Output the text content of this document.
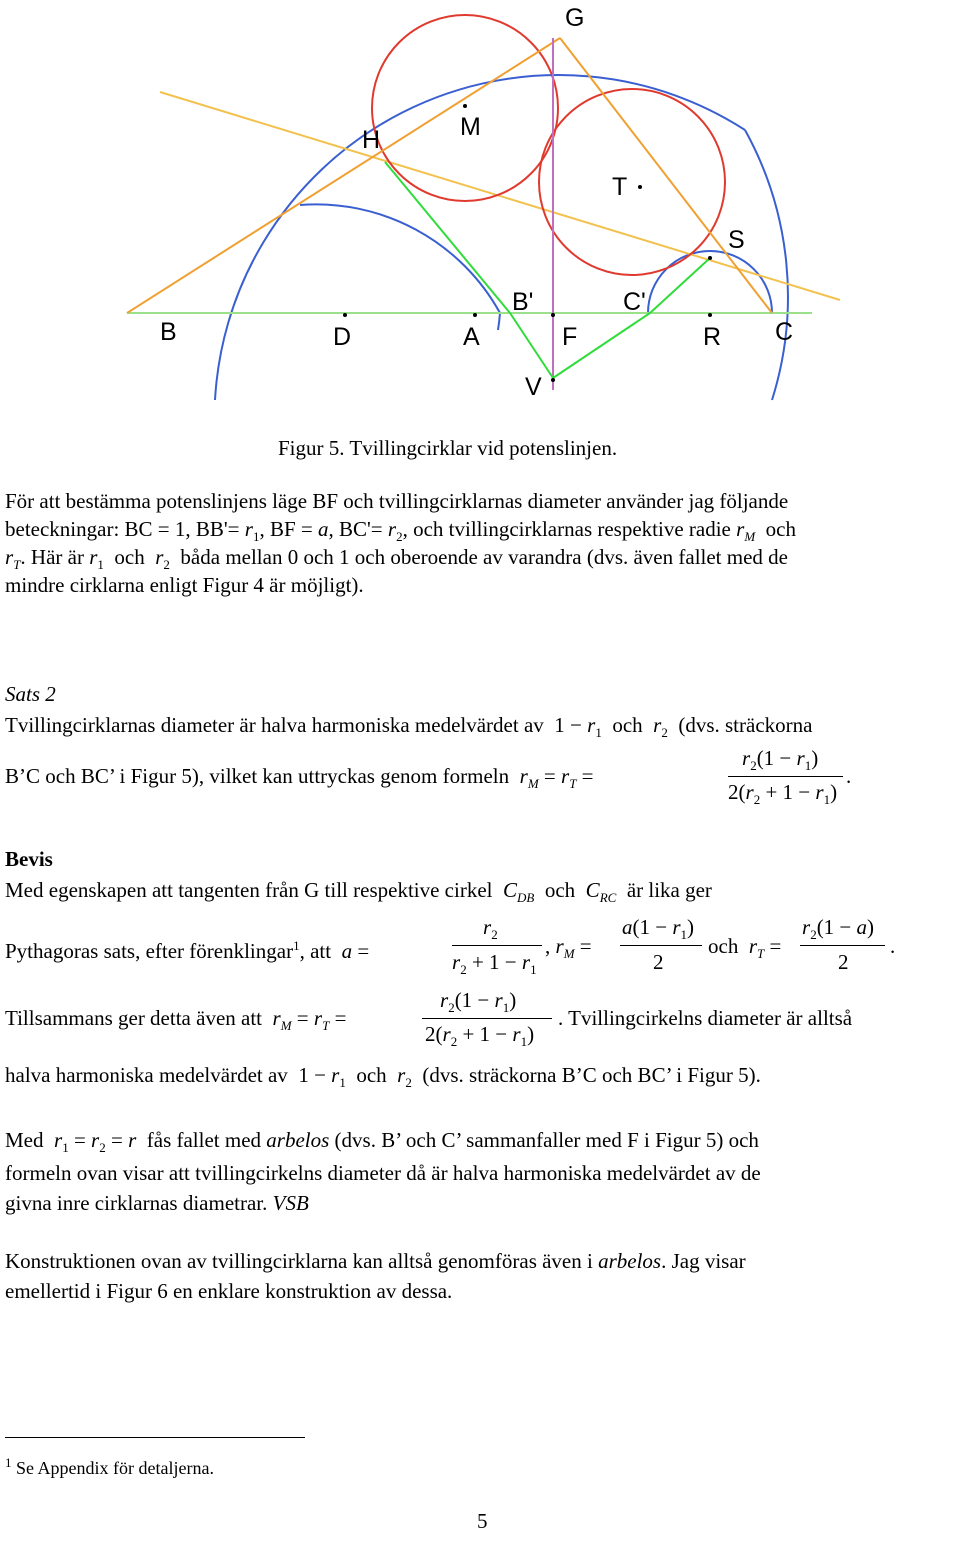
G
M
H
T
S
B	D	A
B'
F
C'
R C
V
Figur 5. Tvillingcirklar vid potenslinjen.
För att bestämma potenslinjens läge BF och tvillingcirklarnas diameter använder jag följande
beteckningar: BC = 1, $BB'= r_1$, BF = a, $BC'= r_2$, och tvillingcirklarnas respektive radie $r_M$ och
$r_T$. Här är $r_1$ och $r_2$ båda mellan 0 och 1 och oberoende av varandra (dvs. även fallet med de
mindre cirklarna enligt Figur 4 är möjligt).
Sats 2
Tvillingcirklarnas diameter är halva harmoniska medelvärdet av  $1 - r_1$ och $r_2$ (dvs. sträckorna
B’C och BC’ i Figur 5), vilket kan uttryckas genom formeln $r_M = r_T$ =
$r_2(1 - r_1)$
$2(r_2 + 1 - r_1)$
.
Bevis
Med egenskapen att tangenten från G till respektive cirkel $C_{DB}$ och $C_{RC}$ är lika ger
Pythagoras sats, efter förenklingar$^1$, att a =
$r_2$
$r_2 + 1 - r_1$
, $r_M$ =
$a(1 - r_1)$
2
och $r_T$ =
$r_2(1 - a)$
2
.
Tillsammans ger detta även att $r_M = r_T$ =
$r_2(1 - r_1)$
$2(r_2 + 1 - r_1)$
. Tvillingcirkelns diameter är alltså
halva harmoniska medelvärdet av  $1 - r_1$ och $r_2$ (dvs. sträckorna B’C och BC’ i Figur 5).
Med $r_1 = r_2 = r$ fås fallet med arbelos (dvs. B’ och C’ sammanfaller med F i Figur 5) och
formeln ovan visar att tvillingcirkelns diameter då är halva harmoniska medelvärdet av de
givna inre cirklarnas diametrar. VSB
Konstruktionen ovan av tvillingcirklarna kan alltså genomföras även i arbelos. Jag visar
emellertid i Figur 6 en enklare konstruktion av dessa.
$^1$ Se Appendix för detaljerna.
5
